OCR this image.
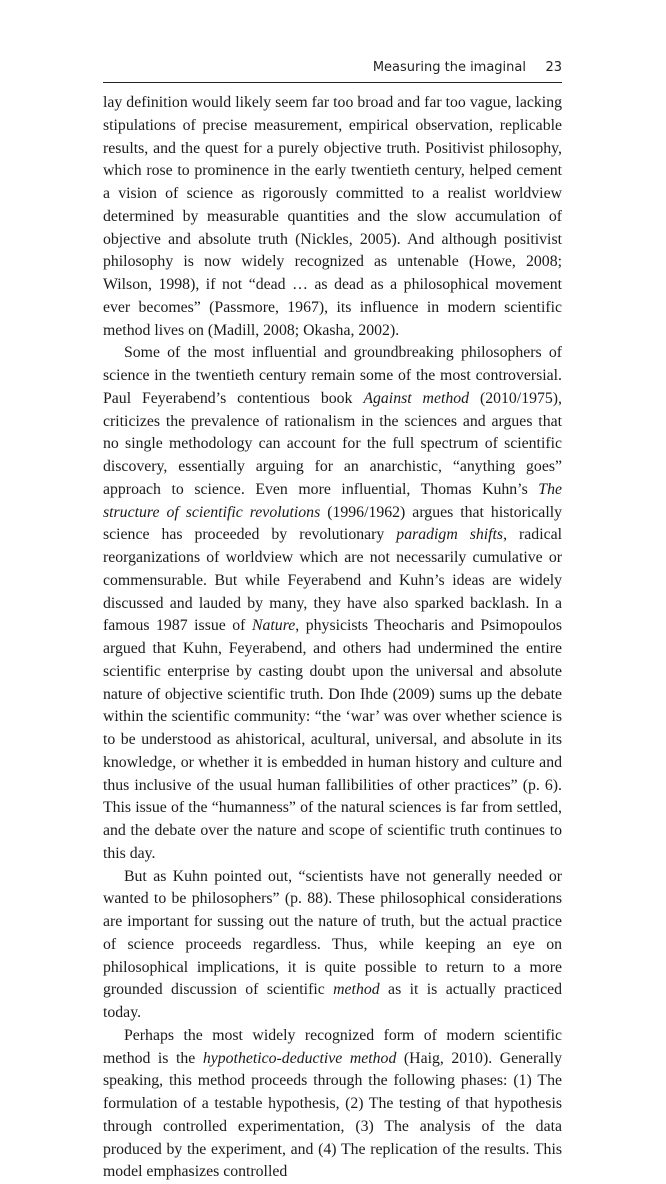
Measuring the imaginal 23

lay definition would likely seem far too broad and far too vague, lacking stipulations of precise measurement, empirical observation, replicable results, and the quest for a purely objective truth. Positivist philosophy, which rose to prominence in the early twentieth century, helped cement a vision of science as rigorously committed to a realist worldview determined by measurable quantities and the slow accumulation of objective and absolute truth (Nickles, 2005). And although positivist philosophy is now widely recognized as untenable (Howe, 2008; Wilson, 1998), if not “dead … as dead as a philosophical movement ever becomes” (Passmore, 1967), its influence in modern scientific method lives on (Madill, 2008; Okasha, 2002).

Some of the most influential and groundbreaking philosophers of science in the twentieth century remain some of the most controversial. Paul Feyerabend’s contentious book Against method (2010/1975), criticizes the prevalence of rationalism in the sciences and argues that no single methodology can account for the full spectrum of scientific discovery, essentially arguing for an anarchistic, “anything goes” approach to science. Even more influential, Thomas Kuhn’s The structure of scientific revolutions (1996/1962) argues that historically science has proceeded by revolutionary paradigm shifts, radical reorganizations of worldview which are not necessarily cumulative or commensurable. But while Feyerabend and Kuhn’s ideas are widely discussed and lauded by many, they have also sparked backlash. In a famous 1987 issue of Nature, physicists Theocharis and Psimopoulos argued that Kuhn, Feyerabend, and others had undermined the entire scientific enterprise by casting doubt upon the universal and absolute nature of objective scientific truth. Don Ihde (2009) sums up the debate within the scientific community: “the ‘war’ was over whether science is to be understood as ahistorical, acultural, universal, and absolute in its knowledge, or whether it is embedded in human history and culture and thus inclusive of the usual human fallibilities of other practices” (p. 6). This issue of the “humanness” of the natural sciences is far from settled, and the debate over the nature and scope of scientific truth continues to this day.

But as Kuhn pointed out, “scientists have not generally needed or wanted to be philosophers” (p. 88). These philosophical considerations are important for sussing out the nature of truth, but the actual practice of science proceeds regardless. Thus, while keeping an eye on philosophical implications, it is quite possible to return to a more grounded discussion of scientific method as it is actually practiced today.

Perhaps the most widely recognized form of modern scientific method is the hypothetico-deductive method (Haig, 2010). Generally speaking, this method proceeds through the following phases: (1) The formulation of a testable hypothesis, (2) The testing of that hypothesis through controlled experimentation, (3) The analysis of the data produced by the experiment, and (4) The replication of the results. This model emphasizes controlled
